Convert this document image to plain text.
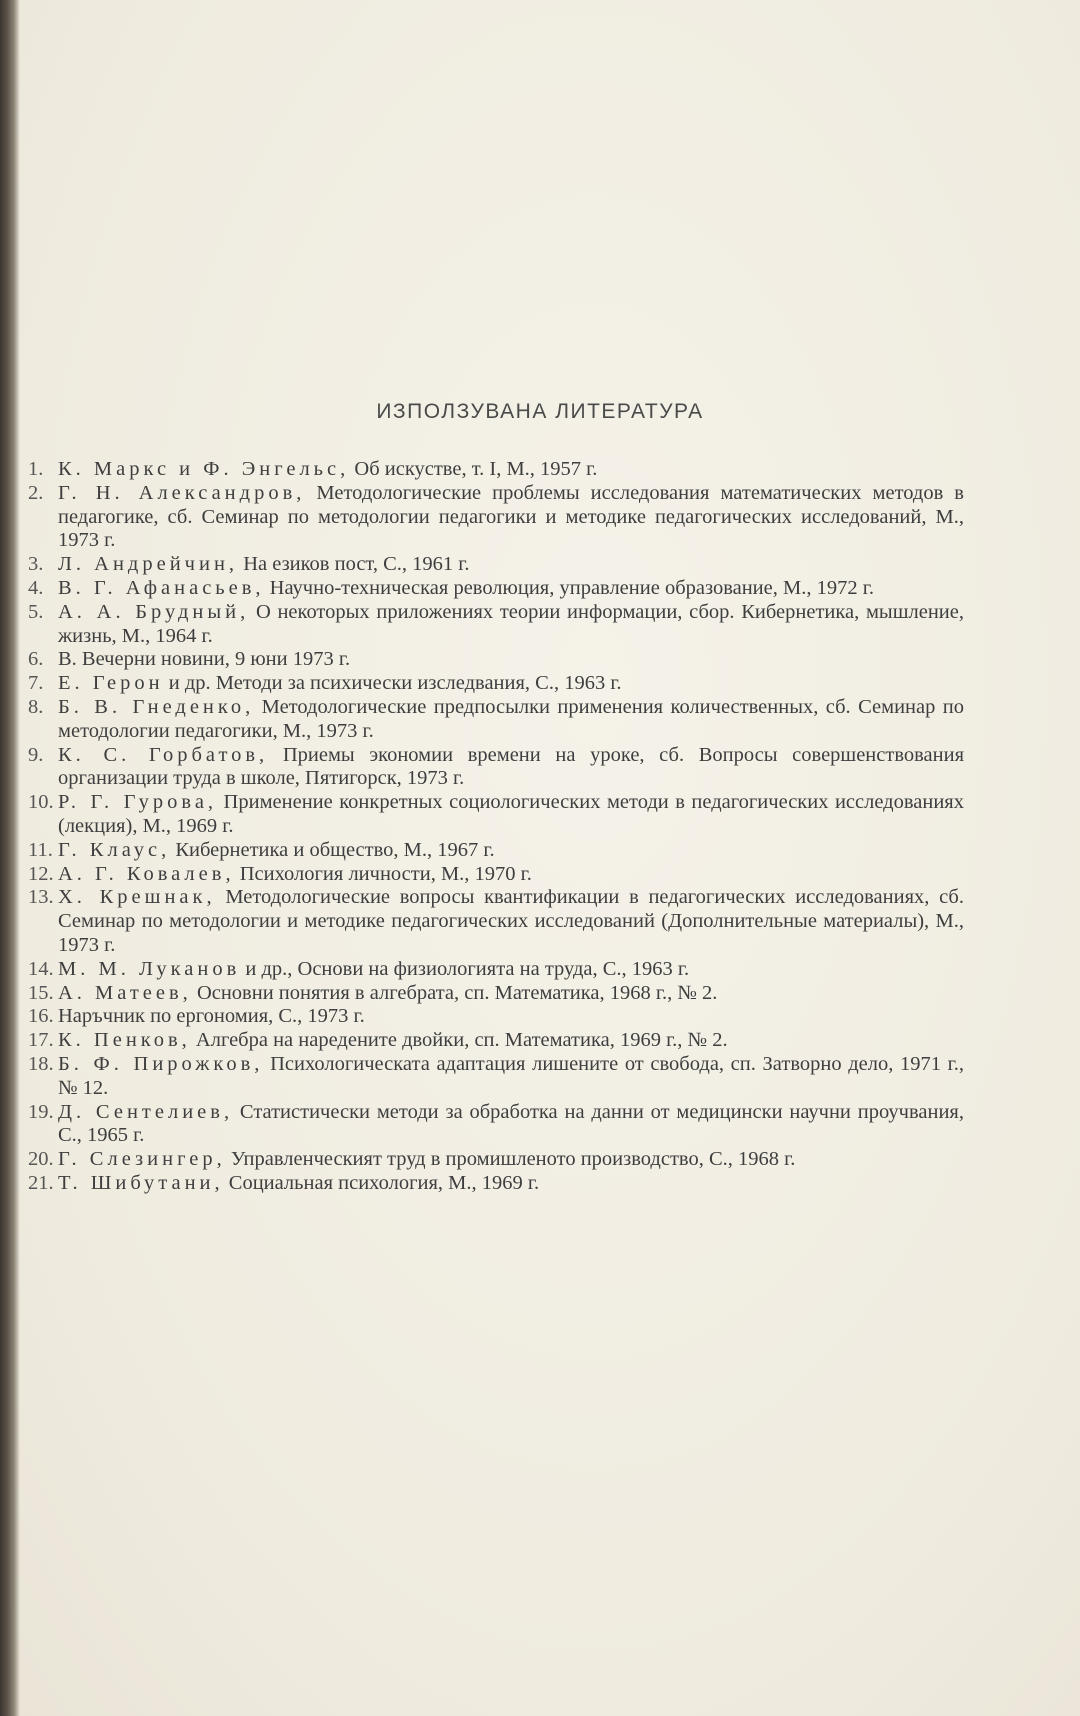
ИЗПОЛЗУВАНА ЛИТЕРАТУРА
1. К. Маркс и Ф. Энгельс, Об искустве, т. I, М., 1957 г.
2. Г. Н. Александров, Методологические проблемы исследования математических методов в педагогике, сб. Семинар по методологии педагогики и методике педагогических исследований, М., 1973 г.
3. Л. Андрейчин, На езиков пост, С., 1961 г.
4. В. Г. Афанасьев, Научно-техническая революция, управление образование, М., 1972 г.
5. А. А. Брудный, О некоторых приложениях теории информации, сбор. Кибернетика, мышление, жизнь, М., 1964 г.
6. В. Вечерни новини, 9 юни 1973 г.
7. Е. Герон и др. Методи за психически изследвания, С., 1963 г.
8. Б. В. Гнеденко, Методологические предпосылки применения количественных, сб. Семинар по методологии педагогики, М., 1973 г.
9. К. С. Горбатов, Приемы экономии времени на уроке, сб. Вопросы совершенствования организации труда в школе, Пятигорск, 1973 г.
10. Р. Г. Гурова, Применение конкретных социологических методи в педагогических исследованиях (лекция), М., 1969 г.
11. Г. Клаус, Кибернетика и общество, М., 1967 г.
12. А. Г. Ковалев, Психология личности, М., 1970 г.
13. Х. Крешнак, Методологические вопросы квантификации в педагогических исследованиях, сб. Семинар по методологии и методике педагогических исследований (Дополнительные материалы), М., 1973 г.
14. М. М. Луканов и др., Основи на физиологията на труда, С., 1963 г.
15. А. Матеев, Основни понятия в алгебрата, сп. Математика, 1968 г., № 2.
16. Наръчник по ергономия, С., 1973 г.
17. К. Пенков, Алгебра на наредените двойки, сп. Математика, 1969 г., № 2.
18. Б. Ф. Пирожков, Психологическата адаптация лишените от свобода, сп. Затворно дело, 1971 г., № 12.
19. Д. Сентелиев, Статистически методи за обработка на данни от медицински научни проучвания, С., 1965 г.
20. Г. Слезингер, Управленческият труд в промишленото производство, С., 1968 г.
21. Т. Шибутани, Социальная психология, М., 1969 г.
